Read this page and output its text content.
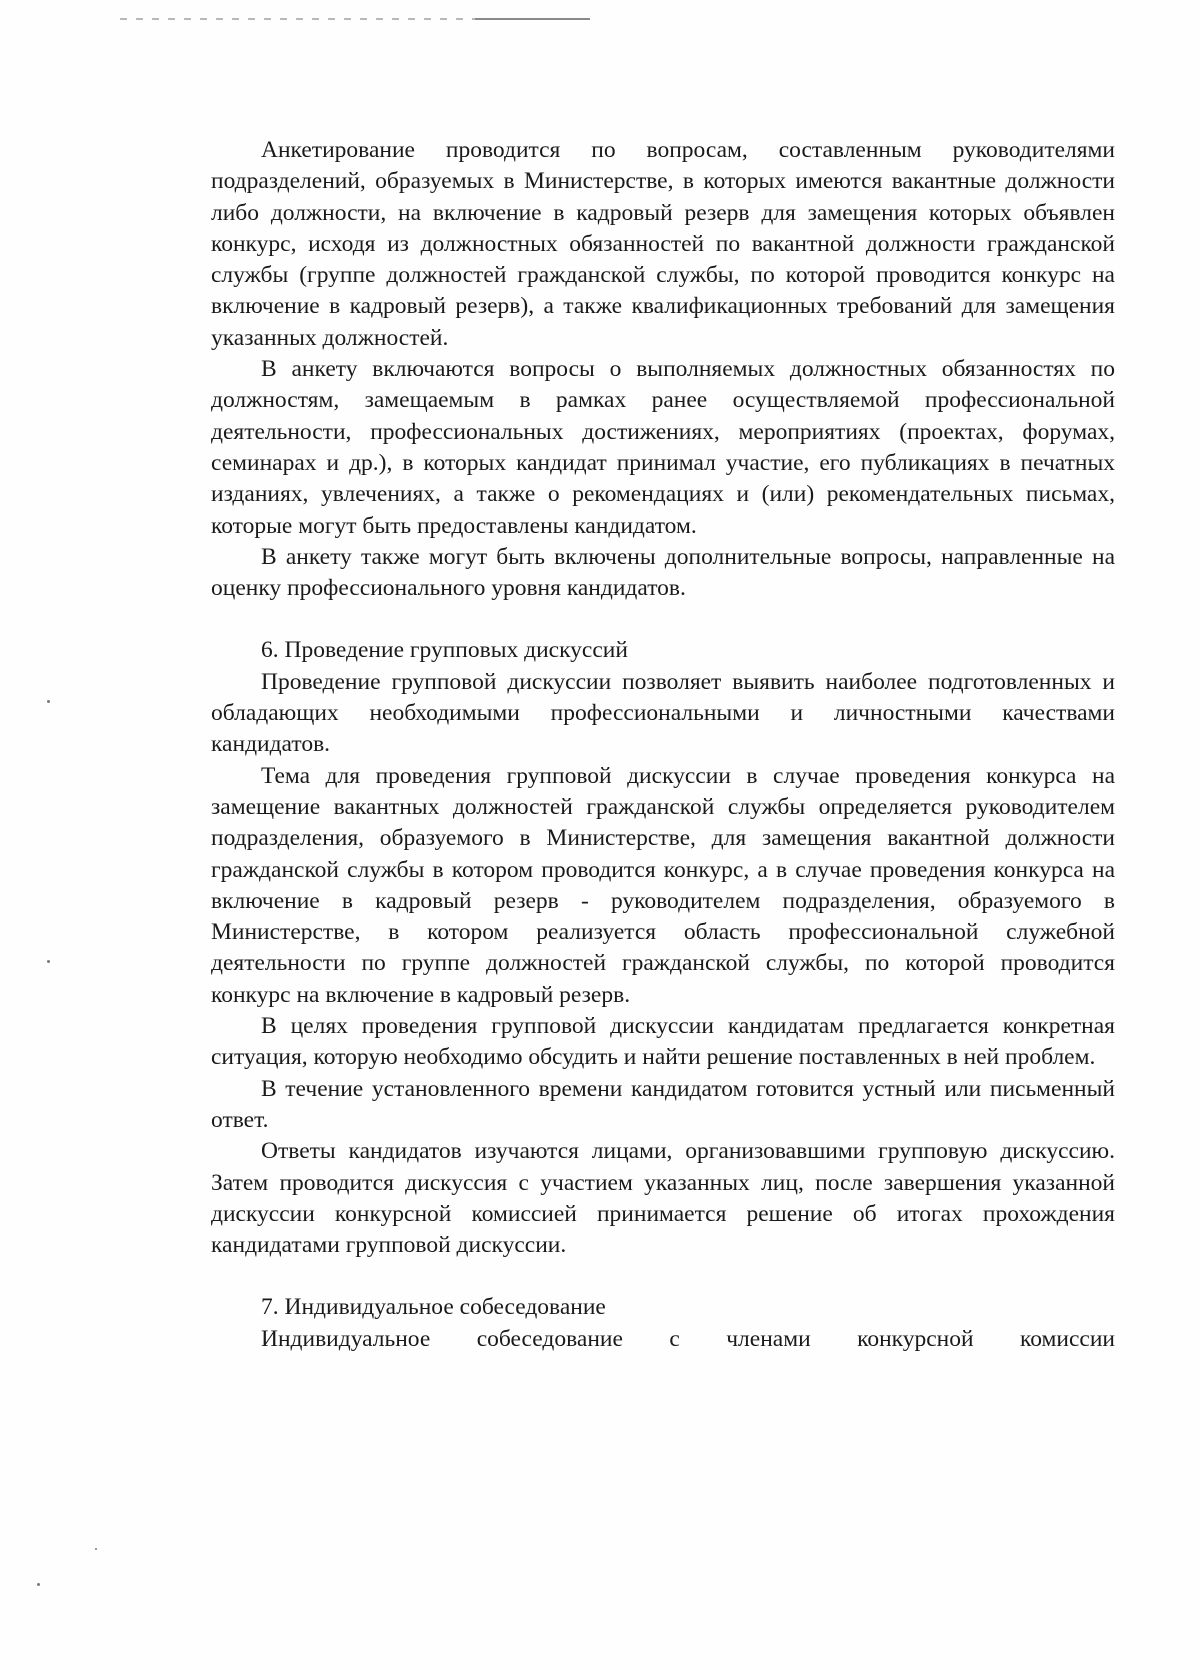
Анкетирование проводится по вопросам, составленным руководителями подразделений, образуемых в Министерстве, в которых имеются вакантные должности либо должности, на включение в кадровый резерв для замещения которых объявлен конкурс, исходя из должностных обязанностей по вакантной должности гражданской службы (группе должностей гражданской службы, по которой проводится конкурс на включение в кадровый резерв), а также квалификационных требований для замещения указанных должностей.

В анкету включаются вопросы о выполняемых должностных обязанностях по должностям, замещаемым в рамках ранее осуществляемой профессиональной деятельности, профессиональных достижениях, мероприятиях (проектах, форумах, семинарах и др.), в которых кандидат принимал участие, его публикациях в печатных изданиях, увлечениях, а также о рекомендациях и (или) рекомендательных письмах, которые могут быть предоставлены кандидатом.

В анкету также могут быть включены дополнительные вопросы, направленные на оценку профессионального уровня кандидатов.

6. Проведение групповых дискуссий

Проведение групповой дискуссии позволяет выявить наиболее подготовленных и обладающих необходимыми профессиональными и личностными качествами кандидатов.

Тема для проведения групповой дискуссии в случае проведения конкурса на замещение вакантных должностей гражданской службы определяется руководителем подразделения, образуемого в Министерстве, для замещения вакантной должности гражданской службы в котором проводится конкурс, а в случае проведения конкурса на включение в кадровый резерв - руководителем подразделения, образуемого в Министерстве, в котором реализуется область профессиональной служебной деятельности по группе должностей гражданской службы, по которой проводится конкурс на включение в кадровый резерв.

В целях проведения групповой дискуссии кандидатам предлагается конкретная ситуация, которую необходимо обсудить и найти решение поставленных в ней проблем.

В течение установленного времени кандидатом готовится устный или письменный ответ.

Ответы кандидатов изучаются лицами, организовавшими групповую дискуссию. Затем проводится дискуссия с участием указанных лиц, после завершения указанной дискуссии конкурсной комиссией принимается решение об итогах прохождения кандидатами групповой дискуссии.

7. Индивидуальное собеседование

Индивидуальное собеседование с членами конкурсной комиссии
